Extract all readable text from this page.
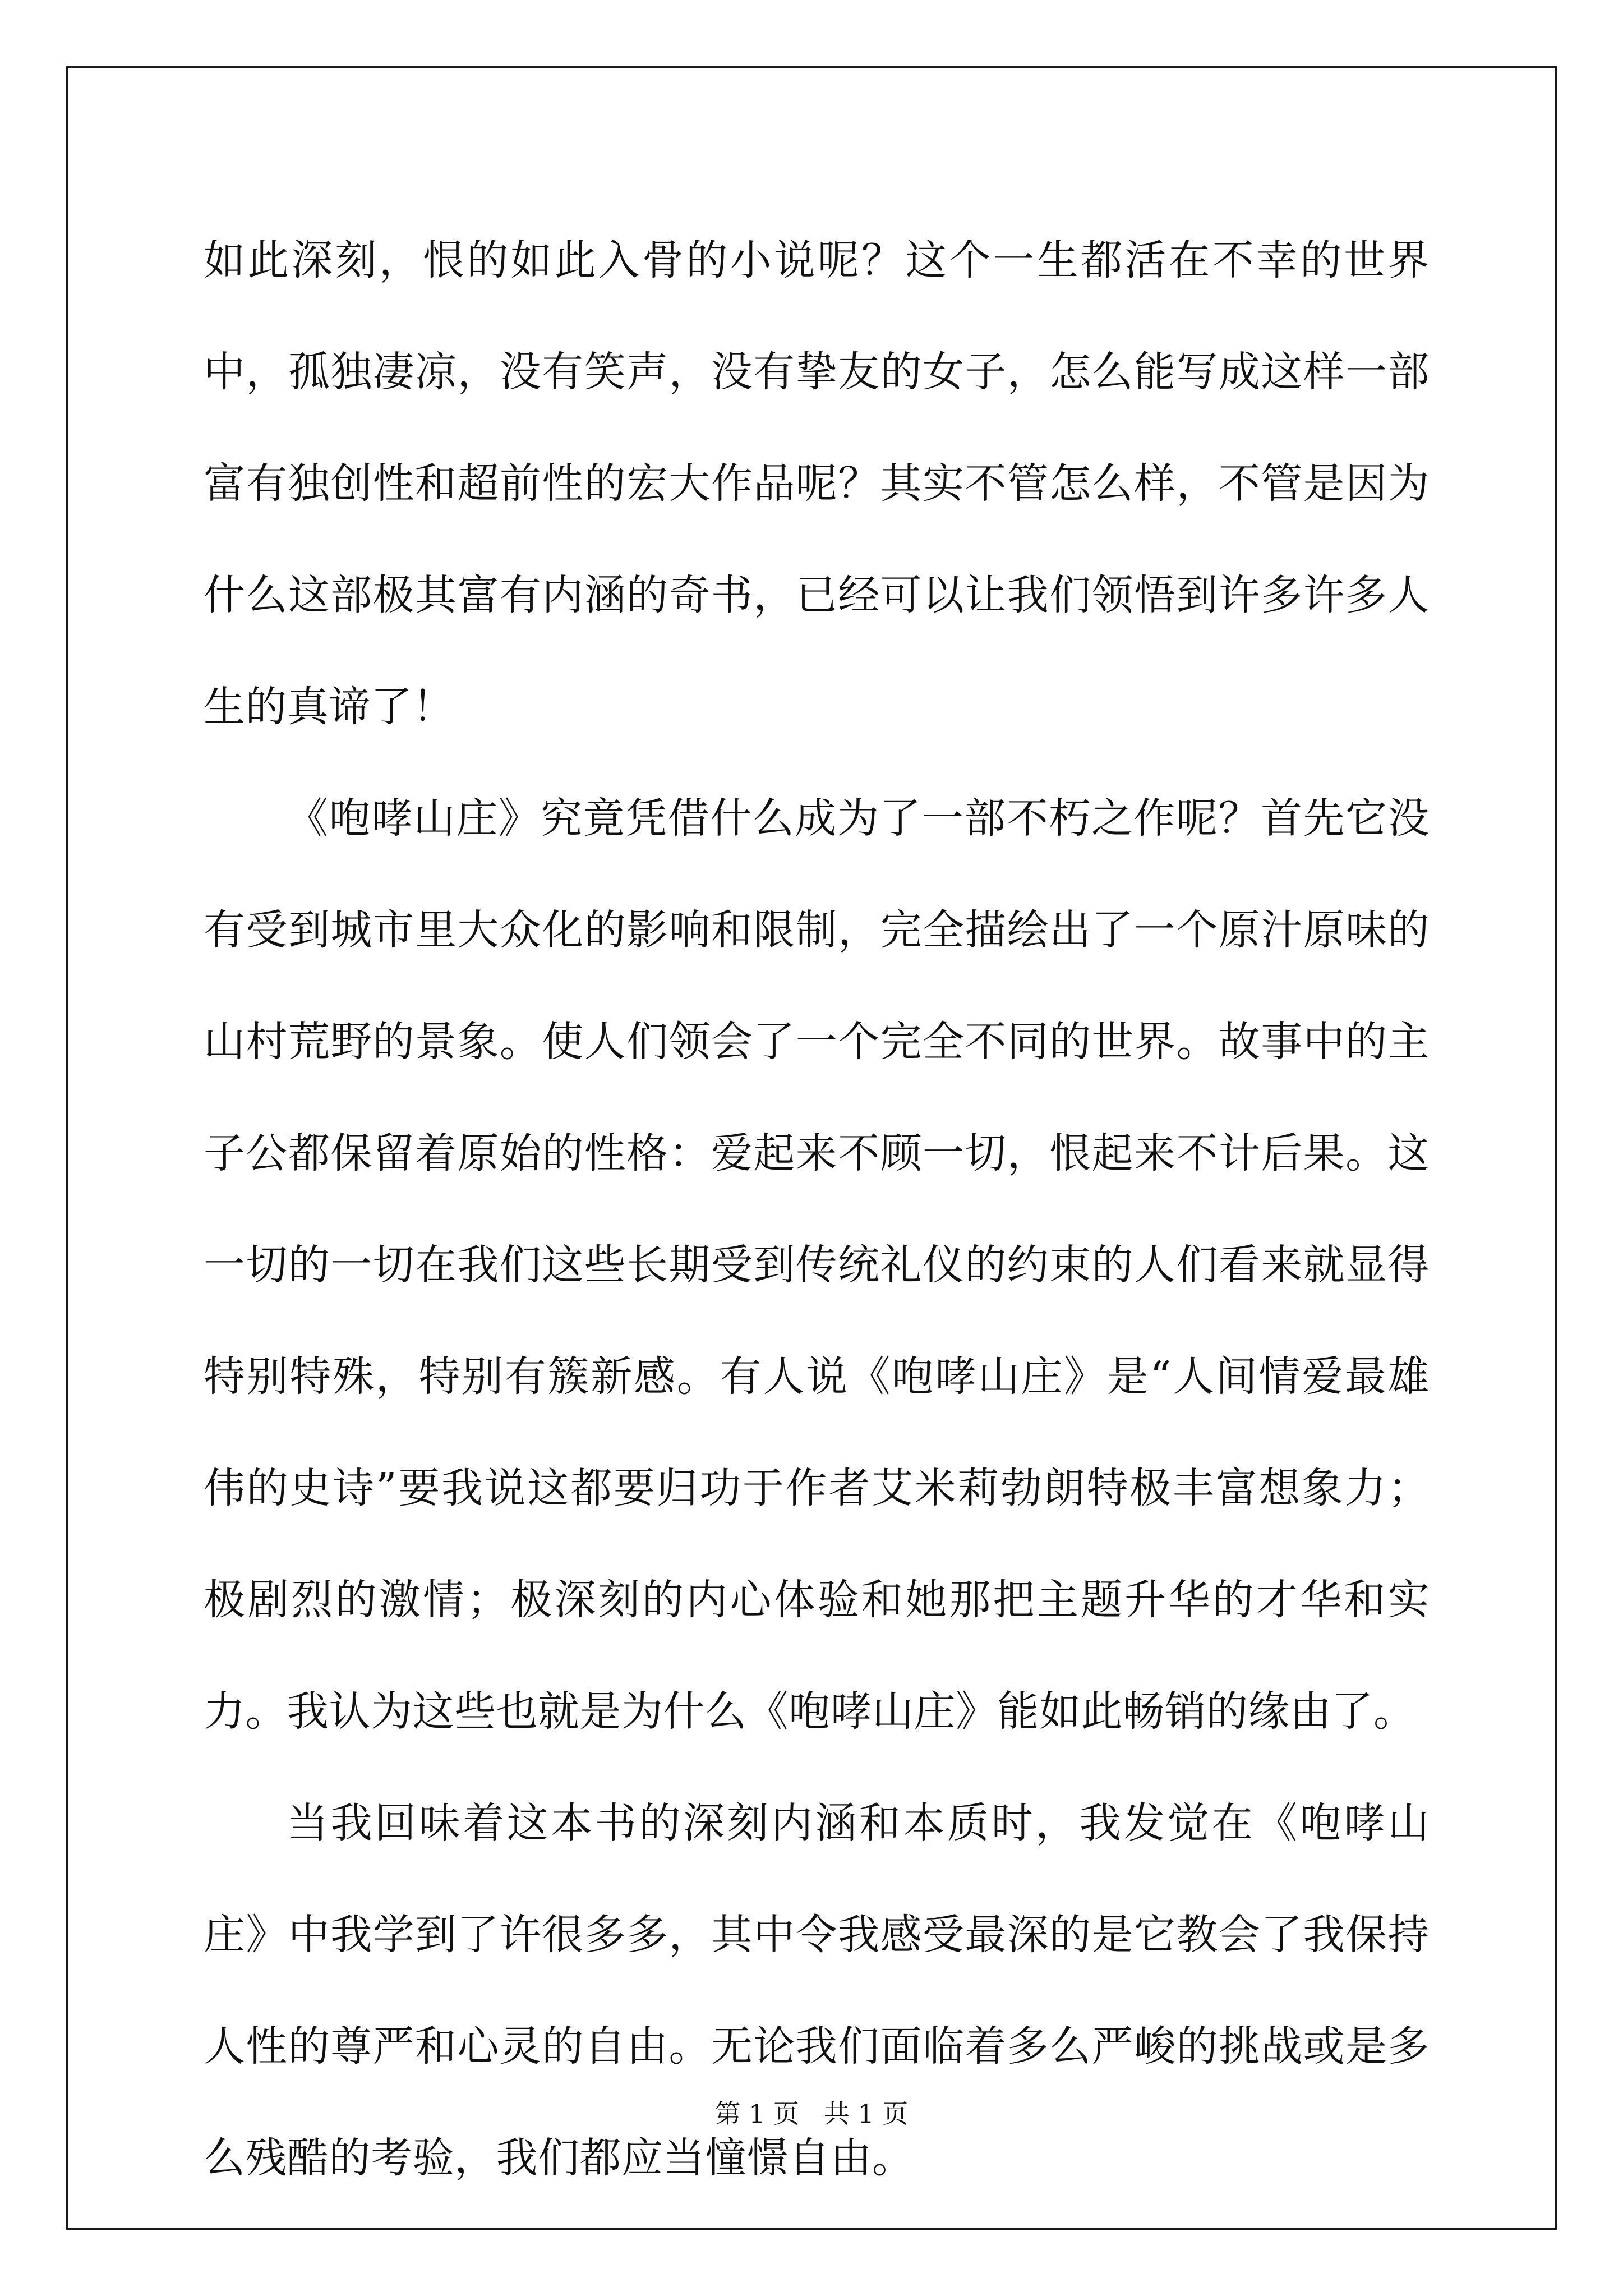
如此深刻，恨的如此入骨的小说呢？这个一生都活在不幸的世界中，孤独凄凉，没有笑声，没有挚友的女子，怎么能写成这样一部富有独创性和超前性的宏大作品呢？其实不管怎么样，不管是因为什么这部极其富有内涵的奇书，已经可以让我们领悟到许多许多人生的真谛了！

《咆哮山庄》究竟凭借什么成为了一部不朽之作呢？首先它没有受到城市里大众化的影响和限制，完全描绘出了一个原汁原味的山村荒野的景象。使人们领会了一个完全不同的世界。故事中的主子公都保留着原始的性格：爱起来不顾一切，恨起来不计后果。这一切的一切在我们这些长期受到传统礼仪的约束的人们看来就显得特别特殊，特别有簇新感。有人说《咆哮山庄》是“人间情爱最雄伟的史诗”要我说这都要归功于作者艾米莉勃朗特极丰富想象力；极剧烈的激情；极深刻的内心体验和她那把主题升华的才华和实力。我认为这些也就是为什么《咆哮山庄》能如此畅销的缘由了。

当我回味着这本书的深刻内涵和本质时，我发觉在《咆哮山庄》中我学到了许很多多，其中令我感受最深的是它教会了我保持人性的尊严和心灵的自由。无论我们面临着多么严峻的挑战或是多么残酷的考验，我们都应当憧憬自由。

第 1 页   共 1 页
